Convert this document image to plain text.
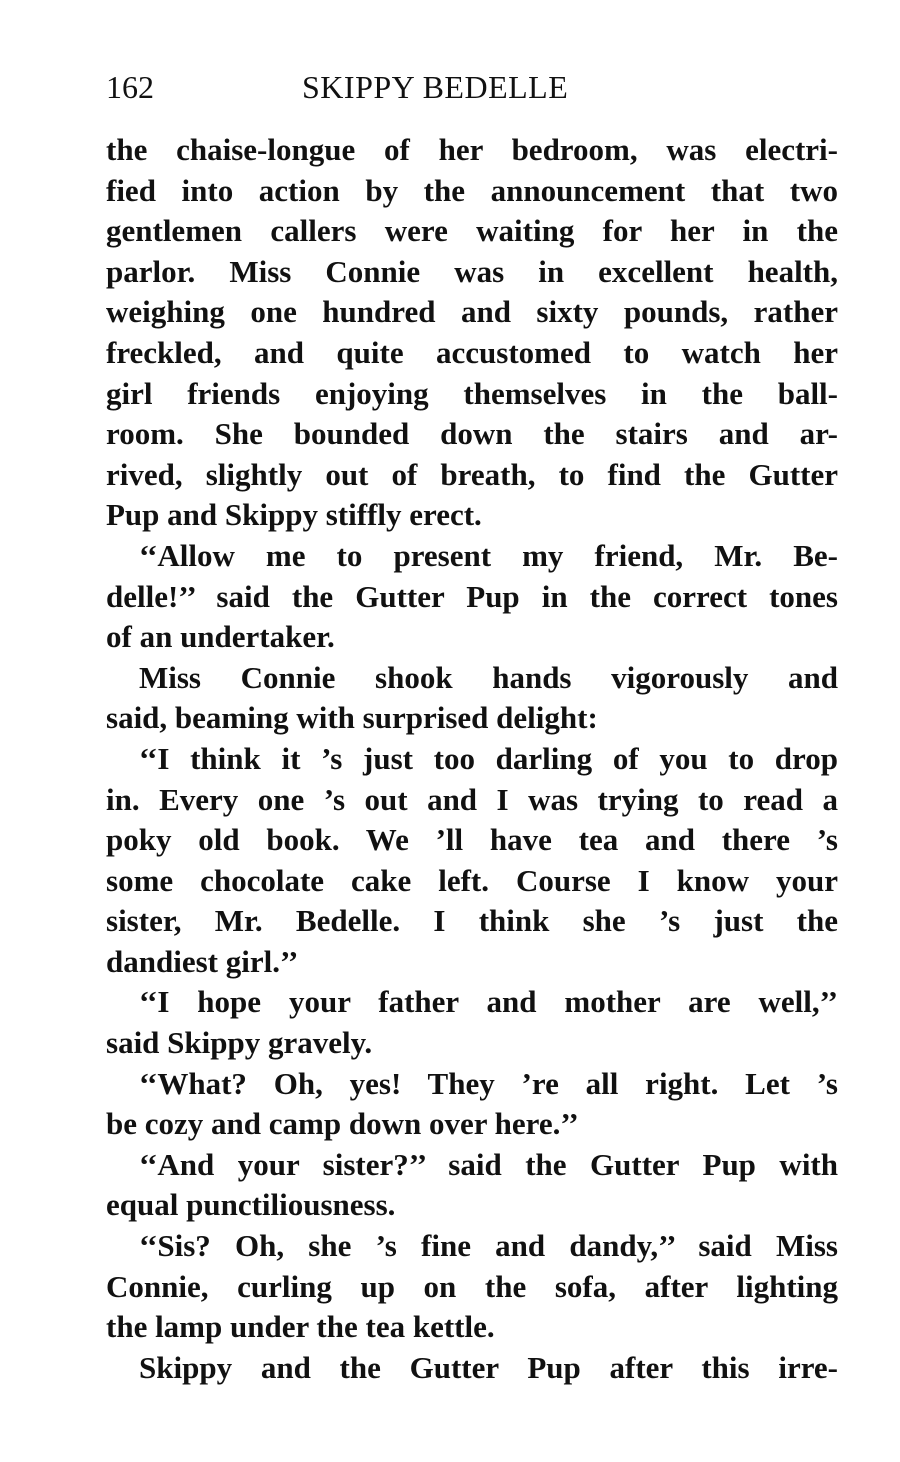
162	SKIPPY BEDELLE
the chaise-longue of her bedroom, was electri-
fied into action by the announcement that two
gentlemen callers were waiting for her in the
parlor. Miss Connie was in excellent health,
weighing one hundred and sixty pounds, rather
freckled, and quite accustomed to watch her
girl friends enjoying themselves in the ball-
room. She bounded down the stairs and ar-
rived, slightly out of breath, to find the Gutter
Pup and Skippy stiffly erect.
‘‘Allow me to present my friend, Mr. Be-
delle!’’ said the Gutter Pup in the correct tones
of an undertaker.
Miss Connie shook hands vigorously and
said, beaming with surprised delight:
‘‘I think it ’s just too darling of you to drop
in. Every one ’s out and I was trying to read a
poky old book. We ’ll have tea and there ’s
some chocolate cake left. Course I know your
sister, Mr. Bedelle. I think she ’s just the
dandiest girl.’’
‘‘I hope your father and mother are well,’’
said Skippy gravely.
‘‘What? Oh, yes! They ’re all right. Let ’s
be cozy and camp down over here.’’
‘‘And your sister?’’ said the Gutter Pup with
equal punctiliousness.
‘‘Sis? Oh, she ’s fine and dandy,’’ said Miss
Connie, curling up on the sofa, after lighting
the lamp under the tea kettle.
Skippy and the Gutter Pup after this irre-
